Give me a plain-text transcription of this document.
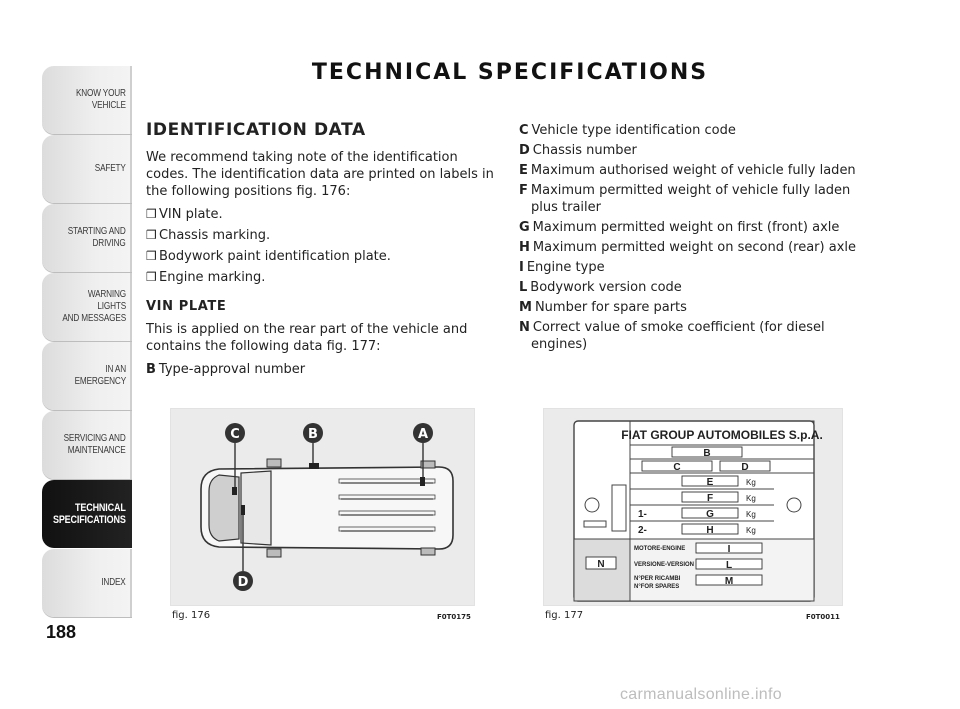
KNOW YOUR
VEHICLE
SAFETY
STARTING AND
DRIVING
WARNING LIGHTS
AND MESSAGES
IN AN EMERGENCY
SERVICING AND
MAINTENANCE
TECHNICAL
SPECIFICATIONS
INDEX
188
TECHNICAL SPECIFICATIONS
IDENTIFICATION DATA

We recommend taking note of the identification codes. The identification data are printed on labels in the following positions fig. 176:

❒ VIN plate.
❒ Chassis marking.
❒ Bodywork paint identification plate.
❒ Engine marking.
VIN PLATE

This is applied on the rear part of the vehicle and contains the following data fig. 177:

B Type-approval number
C Vehicle type identification code
D Chassis number
E Maximum authorised weight of vehicle fully laden
F Maximum permitted weight of vehicle fully laden plus trailer
G Maximum permitted weight on first (front) axle
H Maximum permitted weight on second (rear) axle
I Engine type
L Bodywork version code
M Number for spare parts
N Correct value of smoke coefficient (for diesel engines)
C	B	A
D
fig. 176	F0T0175
FIAT GROUP AUTOMOBILES S.p.A.
B
C	D
E	Kg
F	Kg
1-	G	Kg
2-	H	Kg
MOTORE-ENGINE	I
VERSIONE-VERSION	L
N°PER RICAMBI
N°FOR SPARES	M
N
fig. 177	F0T0011
carmanualsonline.info
